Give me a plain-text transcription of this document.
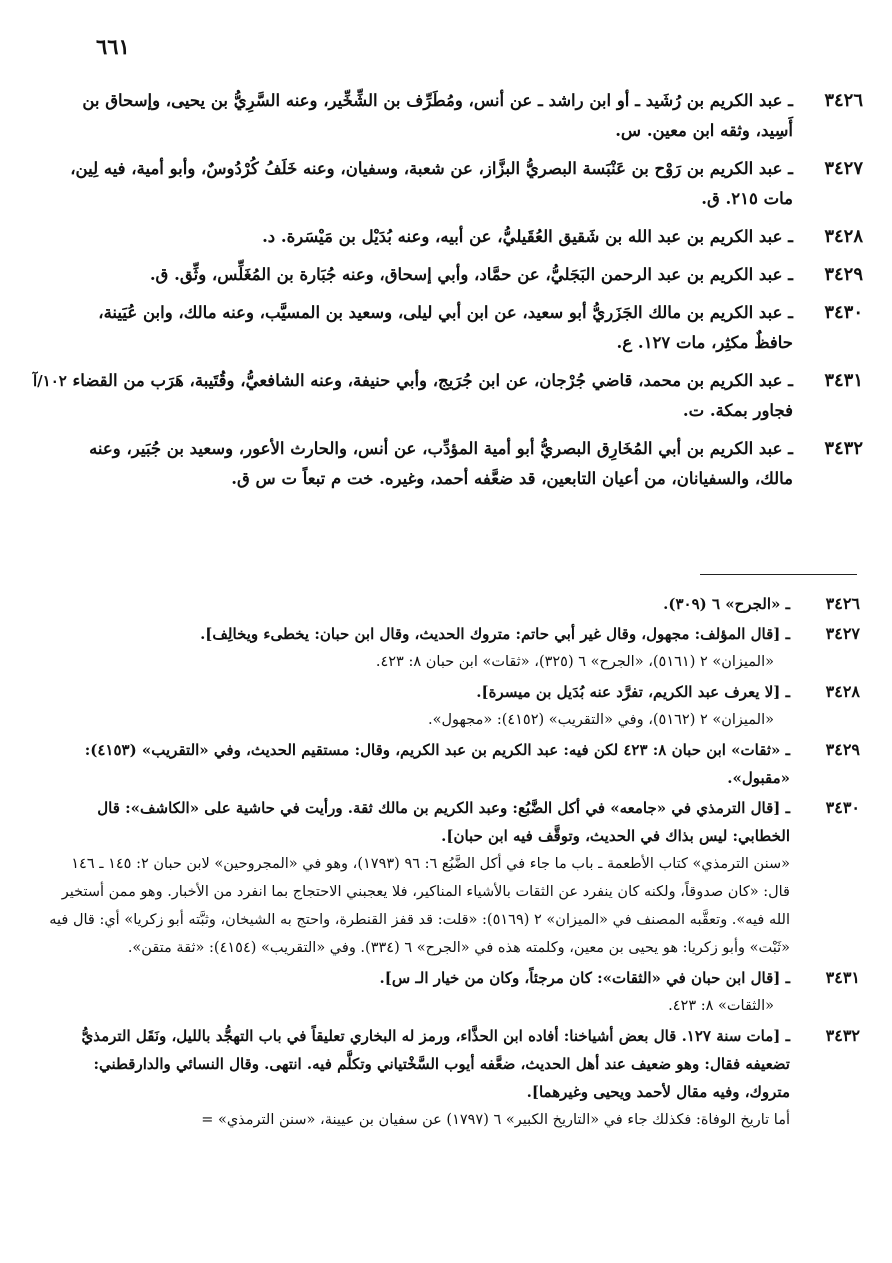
٦٦١
٣٤٢٦
ـ عبد الكريم بن رُشَيد ـ أو ابن راشد ـ عن أنس، ومُطَرِّف بن الشِّخِّير، وعنه السَّرِيُّ بن يحيى، وإسحاق بن أَسِيد، وثقه ابن معين. س.
٣٤٢٧
ـ عبد الكريم بن رَوْح بن عَنْبَسة البصريُّ البزَّاز، عن شعبة، وسفيان، وعنه خَلَفُ كُرْدُوسٌ، وأبو أمية، فيه لِين، مات ٢١٥. ق.
٣٤٢٨
ـ عبد الكريم بن عبد الله بن شَقيق العُقَيليُّ، عن أبيه، وعنه بُدَيْل بن مَيْسَرة. د.
٣٤٢٩
ـ عبد الكريم بن عبد الرحمن البَجَليُّ، عن حمَّاد، وأبي إسحاق، وعنه جُبَارة بن المُغَلِّس، وثِّق. ق.
٣٤٣٠
ـ عبد الكريم بن مالك الجَزَريُّ أبو سعيد، عن ابن أبي ليلى، وسعيد بن المسيَّب، وعنه مالك، وابن عُيَينة، حافظٌ مكثِر، مات ١٢٧. ع.
٣٤٣١
ـ عبد الكريم بن محمد، قاضي جُرْجان، عن ابن جُرَيج، وأبي حنيفة، وعنه الشافعيُّ، وقُتَيبة، هَرَب من القضاء فجاور بمكة. ت.
١٠٢/آ
٣٤٣٢
ـ عبد الكريم بن أبي المُخَارِق البصريُّ أبو أمية المؤدِّب، عن أنس، والحارث الأعور، وسعيد بن جُبَير، وعنه مالك، والسفيانان، من أعيان التابعين، قد ضعَّفه أحمد، وغيره. خت م تبعاً ت س ق.
٣٤٢٦
ـ «الجرح» ٦ (٣٠٩).
٣٤٢٧
ـ [قال المؤلف: مجهول، وقال غير أبي حاتم: متروك الحديث، وقال ابن حبان: يخطىء ويخالِف].
«الميزان» ٢ (٥١٦١)، «الجرح» ٦ (٣٢٥)، «ثقات» ابن حبان ٨: ٤٢٣.
٣٤٢٨
ـ [لا يعرف عبد الكريم، تفرَّد عنه بُدَيل بن ميسرة].
«الميزان» ٢ (٥١٦٢)، وفي «التقريب» (٤١٥٢): «مجهول».
٣٤٢٩
ـ «ثقات» ابن حبان ٨: ٤٢٣ لكن فيه: عبد الكريم بن عبد الكريم، وقال: مستقيم الحديث، وفي «التقريب» (٤١٥٣): «مقبول».
٣٤٣٠
ـ [قال الترمذي في «جامعه» في أكل الضَّبُع: وعبد الكريم بن مالك ثقة. ورأيت في حاشية على «الكاشف»: قال الخطابي: ليس بذاك في الحديث، وتوقَّف فيه ابن حبان].
«سنن الترمذي» كتاب الأطعمة ـ باب ما جاء في أكل الضَّبُع ٦: ٩٦ (١٧٩٣)، وهو في «المجروحين» لابن حبان ٢: ١٤٥ ـ ١٤٦ قال: «كان صدوقاً، ولكنه كان ينفرد عن الثقات بالأشياء المناكير، فلا يعجبني الاحتجاج بما انفرد من الأخبار. وهو ممن أستخير الله فيه». وتعقَّبه المصنف في «الميزان» ٢ (٥١٦٩): «قلت: قد قفز القنطرة، واحتج به الشيخان، وثبَّته أبو زكريا» أي: قال فيه «ثَبْت» وأبو زكريا: هو يحيى بن معين، وكلمته هذه في «الجرح» ٦ (٣٣٤). وفي «التقريب» (٤١٥٤): «ثقة متقن».
٣٤٣١
ـ [قال ابن حبان في «الثقات»: كان مرجئاً، وكان من خيار الـ س].
«الثقات» ٨: ٤٢٣.
٣٤٣٢
ـ [مات سنة ١٢٧. قال بعض أشياخنا: أفاده ابن الحذَّاء، ورمز له البخاري تعليقاً في باب التهجُّد بالليل، ونَقَل الترمذيُّ تضعيفه فقال: وهو ضعيف عند أهل الحديث، ضعَّفه أيوب السَّخْتياني وتكلَّم فيه. انتهى. وقال النسائي والدارقطني: متروك، وفيه مقال لأحمد ويحيى وغيرهما].
أما تاريخ الوفاة: فكذلك جاء في «التاريخ الكبير» ٦ (١٧٩٧) عن سفيان بن عيينة، «سنن الترمذي» =
